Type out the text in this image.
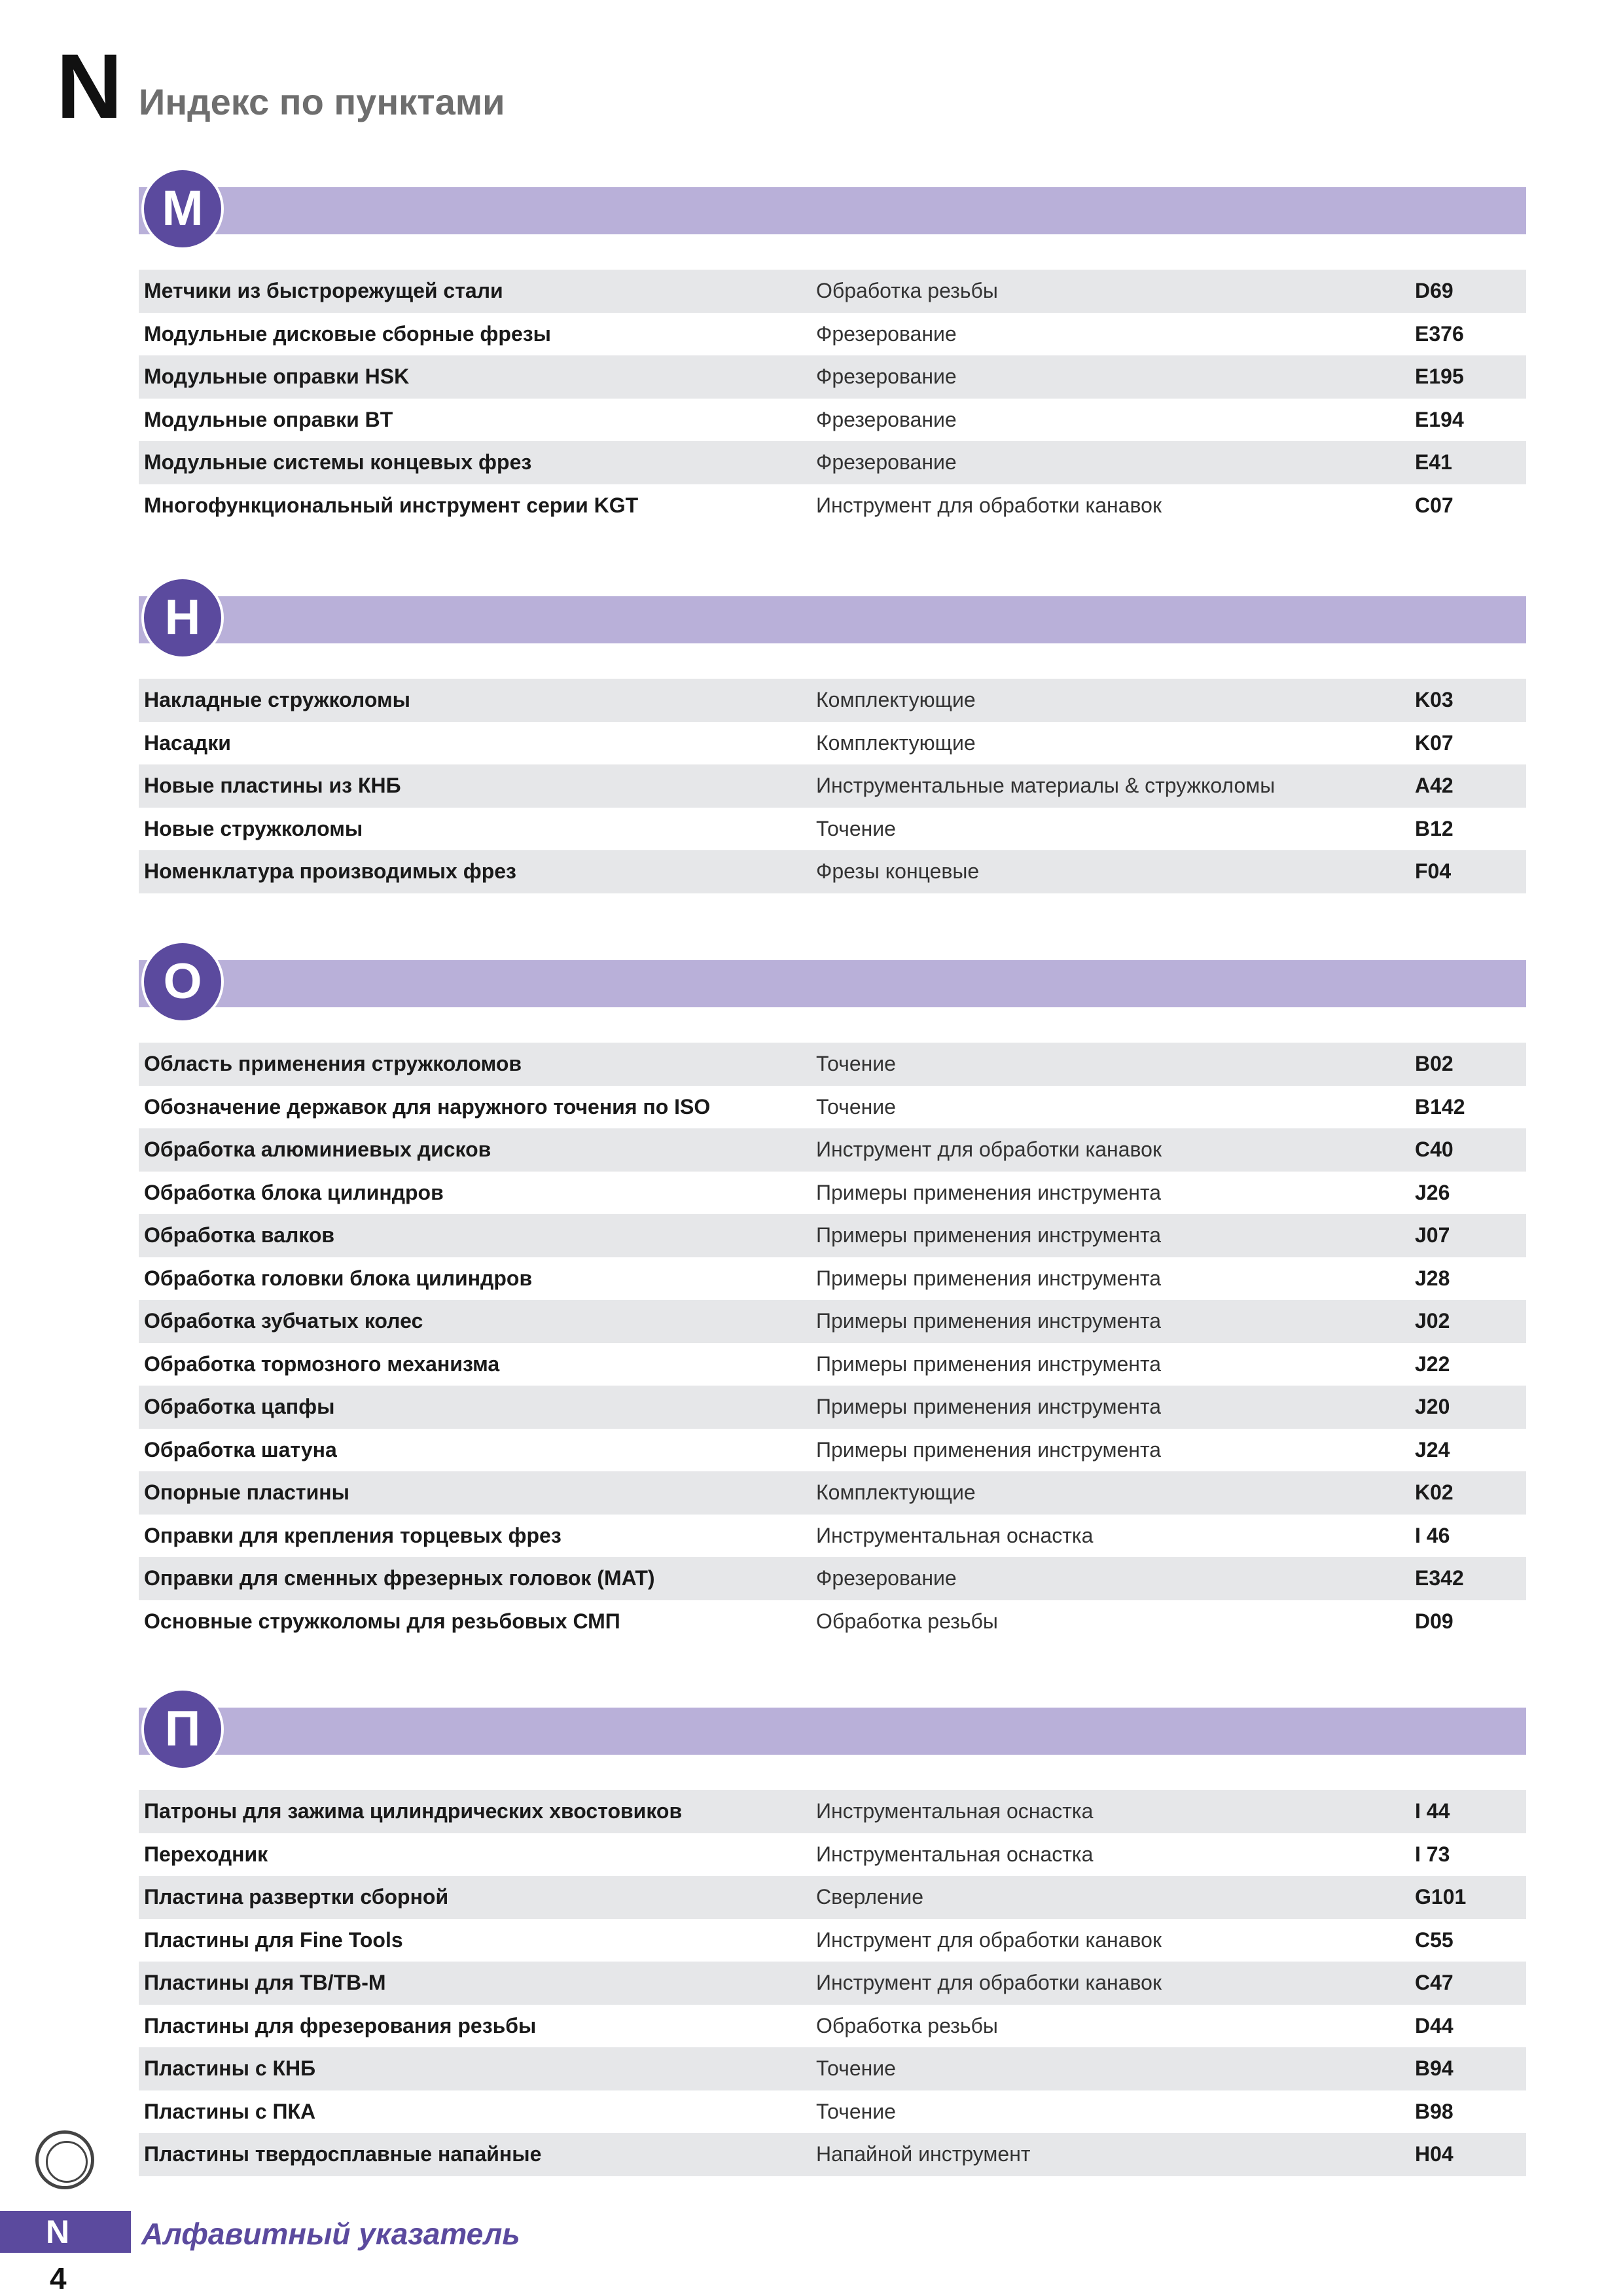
N Индекс по пунктами
M
Метчики из быстрорежущей стали	Обработка резьбы	D69
Модульные дисковые сборные фрезы	Фрезерование	E376
Модульные оправки HSK	Фрезерование	E195
Модульные оправки BT	Фрезерование	E194
Модульные системы концевых фрез	Фрезерование	E41
Многофункциональный инструмент серии KGT	Инструмент для обработки канавок	C07
H
Накладные стружколомы	Комплектующие	K03
Насадки	Комплектующие	K07
Новые пластины из КНБ	Инструментальные материалы & стружколомы	A42
Новые стружколомы	Точение	B12
Номенклатура производимых фрез	Фрезы концевые	F04
O
Область применения стружколомов	Точение	B02
Обозначение державок для наружного точения по ISO	Точение	B142
Обработка алюминиевых дисков	Инструмент для обработки канавок	C40
Обработка блока цилиндров	Примеры применения инструмента	J26
Обработка валков	Примеры применения инструмента	J07
Обработка головки блока цилиндров	Примеры применения инструмента	J28
Обработка зубчатых колес	Примеры применения инструмента	J02
Обработка тормозного механизма	Примеры применения инструмента	J22
Обработка цапфы	Примеры применения инструмента	J20
Обработка шатуна	Примеры применения инструмента	J24
Опорные пластины	Комплектующие	K02
Оправки для крепления торцевых фрез	Инструментальная оснастка	I 46
Оправки для сменных фрезерных головок (MAT)	Фрезерование	E342
Основные стружколомы для резьбовых СМП	Обработка резьбы	D09
П
Патроны для зажима цилиндрических хвостовиков	Инструментальная оснастка	I 44
Переходник	Инструментальная оснастка	I 73
Пластина развертки сборной	Сверление	G101
Пластины для Fine Tools	Инструмент для обработки канавок	C55
Пластины для TB/TB-M	Инструмент для обработки канавок	C47
Пластины для фрезерования резьбы	Обработка резьбы	D44
Пластины с КНБ	Точение	B94
Пластины с ПКА	Точение	B98
Пластины твердосплавные напайные	Напайной инструмент	H04
N	Алфавитный указатель
4
